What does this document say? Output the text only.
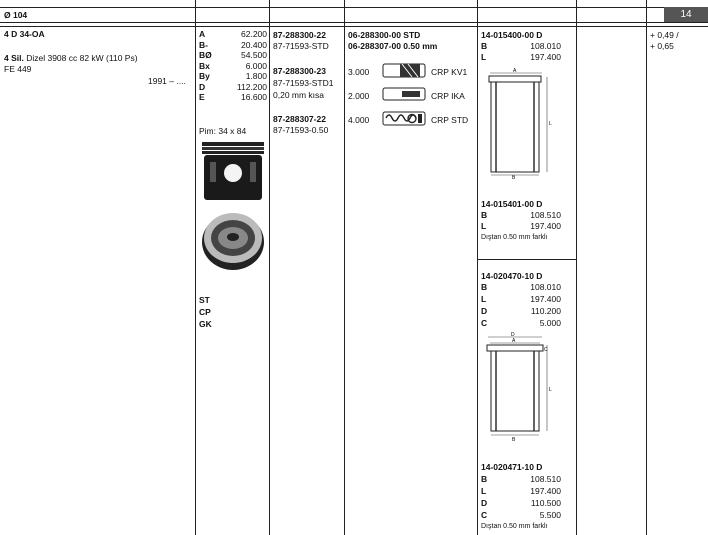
Ø 104	14
4 D 34-OA
4 Sil. Dizel 3908 cc 82 kW (110 Ps)
FE 449
1991 – ....
A	62.200
B-	20.400
BØ	54.500
Bx	6.000
By	1.800
D	112.200
E	16.600
Pim: 34 x 84
ST
CP
GK
87-288300-22
87-71593-STD
87-288300-23
87-71593-STD1
0,20 mm kısa
87-288307-22
87-71593-0.50
06-288300-00 STD
06-288307-00 0.50 mm
3.000	CRP KV1
2.000	CRP IKA
4.000	CRP STD
14-015400-00 D
B	108.010
L	197.400
A
L
B
14-015401-00 D
B	108.510
L	197.400
Dıştan 0.50 mm farklı
14-020470-10 D
B	108.010
L	197.400
D	110.200
C	5.000
D
A
L
C
B
14-020471-10 D
B	108.510
L	197.400
D	110.500
C	5.500
Dıştan 0.50 mm farklı
+ 0,49 /
+ 0,65
